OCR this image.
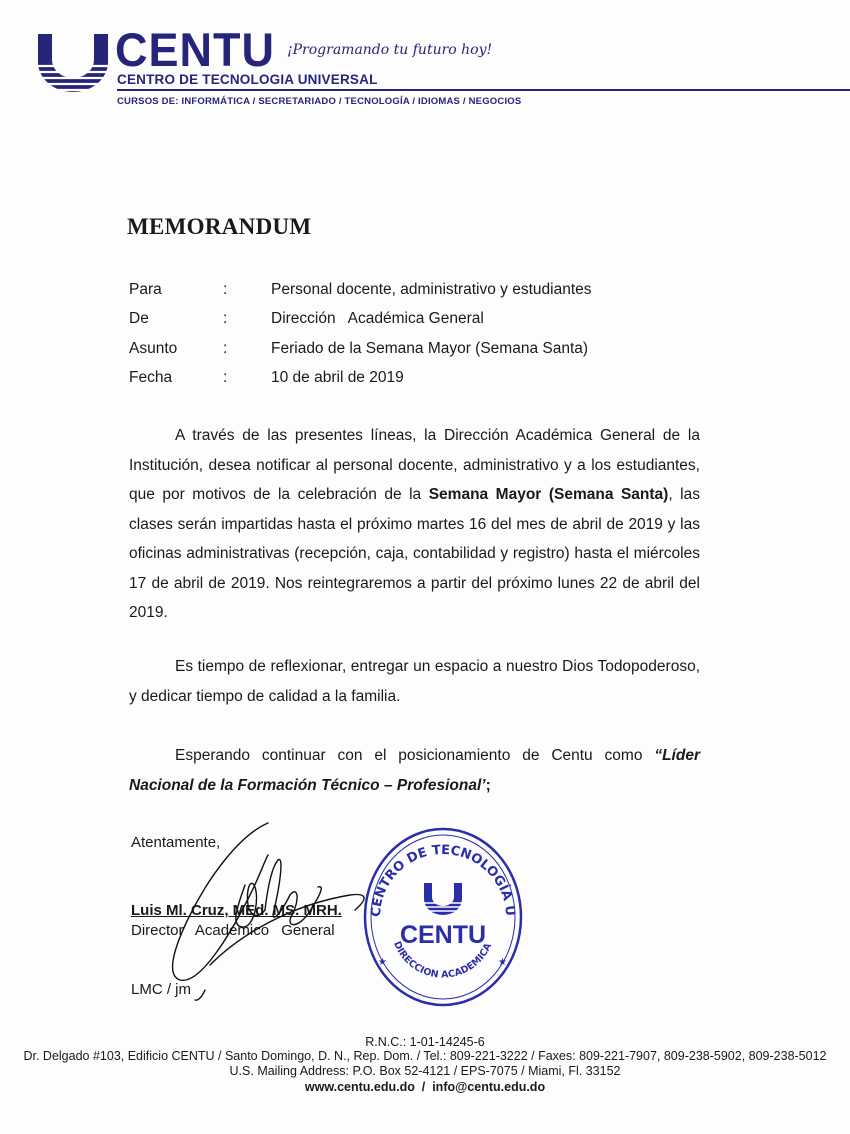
CENTU ¡Programando tu futuro hoy!
CENTRO DE TECNOLOGIA UNIVERSAL
CURSOS DE: INFORMÁTICA / SECRETARIADO / TECNOLOGÍA / IDIOMAS / NEGOCIOS
MEMORANDUM
Para	:	Personal docente, administrativo y estudiantes
De	:	Dirección   Académica General
Asunto	:	Feriado de la Semana Mayor (Semana Santa)
Fecha	:	10 de abril de 2019

A través de las presentes líneas, la Dirección Académica General de la Institución, desea notificar al personal docente, administrativo y a los estudiantes, que por motivos de la celebración de la Semana Mayor (Semana Santa), las clases serán impartidas hasta el próximo martes 16 del mes de abril de 2019 y las oficinas administrativas (recepción, caja, contabilidad y registro) hasta el miércoles 17 de abril de 2019. Nos reintegraremos a partir del próximo lunes 22 de abril del 2019.

Es tiempo de reflexionar, entregar un espacio a nuestro Dios Todopoderoso, y dedicar tiempo de calidad a la familia.

Esperando continuar con el posicionamiento de Centu como “Líder Nacional de la Formación Técnico – Profesional’;

Atentamente,
Luis Ml. Cruz, MEd. MS. MRH.
Director Académico General
LMC / jm
CENTRO DE TECNOLOGÍA U
CENTU
DIRECCION ACADEMICA
★	★
R.N.C.: 1-01-14245-6
Dr. Delgado #103, Edificio CENTU / Santo Domingo, D. N., Rep. Dom. / Tel.: 809-221-3222 / Faxes: 809-221-7907, 809-238-5902, 809-238-5012
U.S. Mailing Address: P.O. Box 52-4121 / EPS-7075 / Miami, Fl. 33152
www.centu.edu.do  /  info@centu.edu.do
